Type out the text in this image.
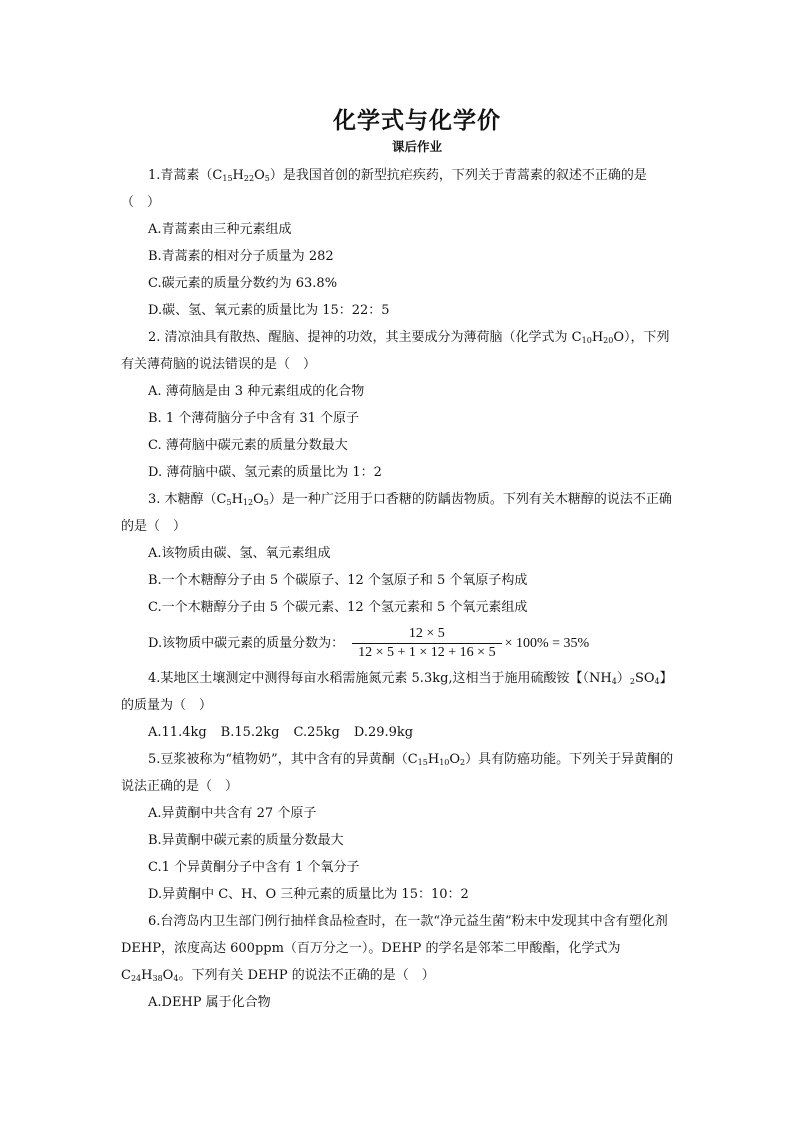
化学式与化学价
课后作业

1.青蒿素$(C_{15}H_{22}O_5)$是我国首创的新型抗疟疾药，下列关于青蒿素的叙述不正确的是（　）

A.青蒿素由三种元素组成

B.青蒿素的相对分子质量为 282

C.碳元素的质量分数约为 63.8%

D.碳、氢、氧元素的质量比为 15：22：5

2. 清凉油具有散热、醒脑、提神的功效，其主要成分为薄荷脑（化学式为 $C_{10}H_{20}O$），下列有关薄荷脑的说法错误的是（　）

A. 薄荷脑是由 3 种元素组成的化合物

B. 1 个薄荷脑分子中含有 31 个原子

C. 薄荷脑中碳元素的质量分数最大

D. 薄荷脑中碳、氢元素的质量比为 1：2

3. 木糖醇$(C_5H_{12}O_5)$是一种广泛用于口香糖的防龋齿物质。下列有关木糖醇的说法不正确的是（　）

A.该物质由碳、氢、氧元素组成

B.一个木糖醇分子由 5 个碳原子、12 个氢原子和 5 个氧原子构成

C.一个木糖醇分子由 5 个碳元素、12 个氢元素和 5 个氧元素组成

D.该物质中碳元素的质量分数为： $\frac{12 \times 5}{12 \times 5 + 1 \times 12 + 16 \times 5} \times 100\% = 35\%$

4.某地区土壤测定中测得每亩水稻需施氮元素 5.3kg,这相当于施用硫酸铵【$(NH_4)_2SO_4$】的质量为（　）

A.11.4kg B.15.2kg C.25kg D.29.9kg

5.豆浆被称为“植物奶”，其中含有的异黄酮$(C_{15}H_{10}O_2)$具有防癌功能。下列关于异黄酮的说法正确的是（　）

A.异黄酮中共含有 27 个原子

B.异黄酮中碳元素的质量分数最大

C.1 个异黄酮分子中含有 1 个氧分子

D.异黄酮中 C、H、O 三种元素的质量比为 15：10：2

6.台湾岛内卫生部门例行抽样食品检查时，在一款“净元益生菌”粉末中发现其中含有塑化剂 DEHP，浓度高达 600ppm（百万分之一）。DEHP 的学名是邻苯二甲酸酯，化学式为 $C_{24}H_{38}O_4$。下列有关 DEHP 的说法不正确的是（　）

A.DEHP 属于化合物
